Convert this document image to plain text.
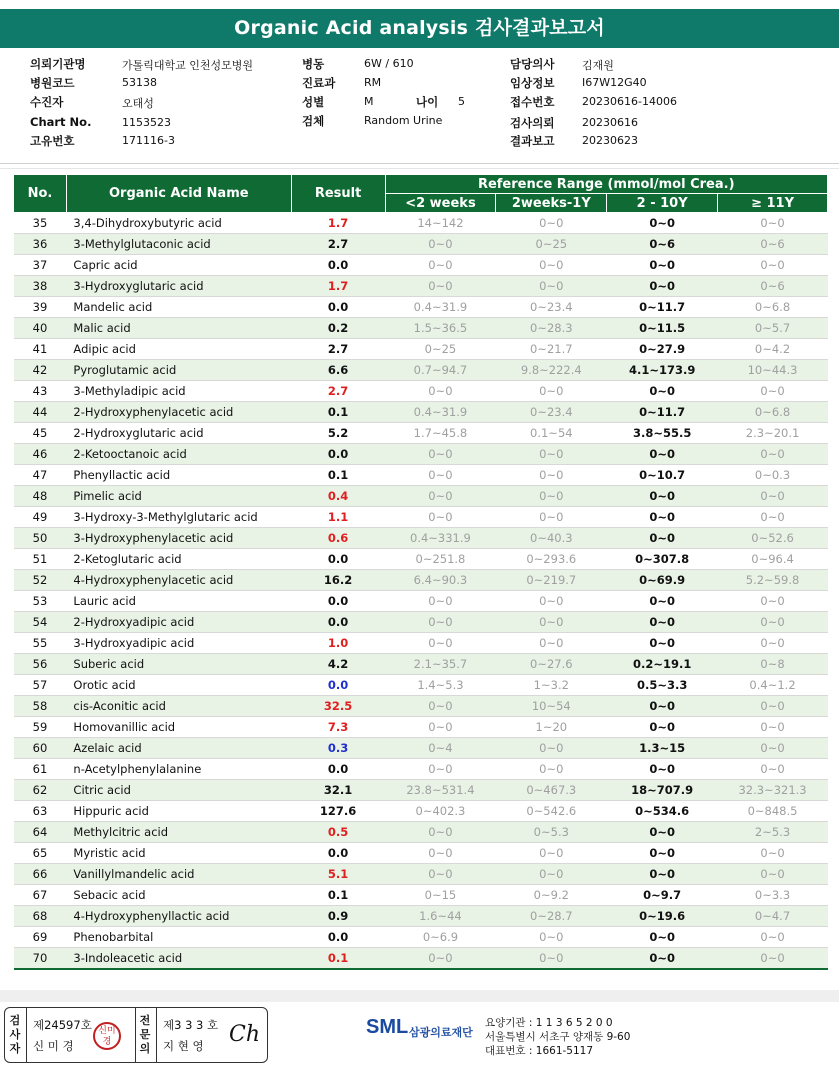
Organic Acid analysis 검사결과보고서
의뢰기관명	가톨릭대학교 인천성모병원
병원코드	53138
수진자	오태성
Chart No.	1153523
고유번호	171116-3
병동	6W / 610
진료과	RM
성별	M	나이 5
검체	Random Urine
담당의사	김재원
임상정보	I67W12G40
접수번호	20230616-14006
검사의뢰	20230616
결과보고	20230623
No.	Organic Acid Name	Result	Reference Range (mmol/mol Crea.)			
			<2 weeks	2weeks-1Y	2 - 10Y	≥ 11Y
35	3,4-Dihydroxybutyric acid	1.7	14~142	0~0	0~0	0~0
36	3-Methylglutaconic acid	2.7	0~0	0~25	0~6	0~6
37	Capric acid	0.0	0~0	0~0	0~0	0~0
38	3-Hydroxyglutaric acid	1.7	0~0	0~0	0~0	0~6
39	Mandelic acid	0.0	0.4~31.9	0~23.4	0~11.7	0~6.8
40	Malic acid	0.2	1.5~36.5	0~28.3	0~11.5	0~5.7
41	Adipic acid	2.7	0~25	0~21.7	0~27.9	0~4.2
42	Pyroglutamic acid	6.6	0.7~94.7	9.8~222.4	4.1~173.9	10~44.3
43	3-Methyladipic acid	2.7	0~0	0~0	0~0	0~0
44	2-Hydroxyphenylacetic acid	0.1	0.4~31.9	0~23.4	0~11.7	0~6.8
45	2-Hydroxyglutaric acid	5.2	1.7~45.8	0.1~54	3.8~55.5	2.3~20.1
46	2-Ketooctanoic acid	0.0	0~0	0~0	0~0	0~0
47	Phenyllactic acid	0.1	0~0	0~0	0~10.7	0~0.3
48	Pimelic acid	0.4	0~0	0~0	0~0	0~0
49	3-Hydroxy-3-Methylglutaric acid	1.1	0~0	0~0	0~0	0~0
50	3-Hydroxyphenylacetic acid	0.6	0.4~331.9	0~40.3	0~0	0~52.6
51	2-Ketoglutaric acid	0.0	0~251.8	0~293.6	0~307.8	0~96.4
52	4-Hydroxyphenylacetic acid	16.2	6.4~90.3	0~219.7	0~69.9	5.2~59.8
53	Lauric acid	0.0	0~0	0~0	0~0	0~0
54	2-Hydroxyadipic acid	0.0	0~0	0~0	0~0	0~0
55	3-Hydroxyadipic acid	1.0	0~0	0~0	0~0	0~0
56	Suberic acid	4.2	2.1~35.7	0~27.6	0.2~19.1	0~8
57	Orotic acid	0.0	1.4~5.3	1~3.2	0.5~3.3	0.4~1.2
58	cis-Aconitic acid	32.5	0~0	10~54	0~0	0~0
59	Homovanillic acid	7.3	0~0	1~20	0~0	0~0
60	Azelaic acid	0.3	0~4	0~0	1.3~15	0~0
61	n-Acetylphenylalanine	0.0	0~0	0~0	0~0	0~0
62	Citric acid	32.1	23.8~531.4	0~467.3	18~707.9	32.3~321.3
63	Hippuric acid	127.6	0~402.3	0~542.6	0~534.6	0~848.5
64	Methylcitric acid	0.5	0~0	0~5.3	0~0	2~5.3
65	Myristic acid	0.0	0~0	0~0	0~0	0~0
66	Vanillylmandelic acid	5.1	0~0	0~0	0~0	0~0
67	Sebacic acid	0.1	0~15	0~9.2	0~9.7	0~3.3
68	4-Hydroxyphenyllactic acid	0.9	1.6~44	0~28.7	0~19.6	0~4.7
69	Phenobarbital	0.0	0~6.9	0~0	0~0	0~0
70	3-Indoleacetic acid	0.1	0~0	0~0	0~0	0~0
검
사
자
제24597호
신 미 경
신미경
전
문
의
제3 3 3 호
지 현 영 Ch	SML 삼광의료재단
요양기관 : 1 1 3 6 5 2 0 0
서울특별시 서초구 양재동 9-60
대표번호 : 1661-5117
